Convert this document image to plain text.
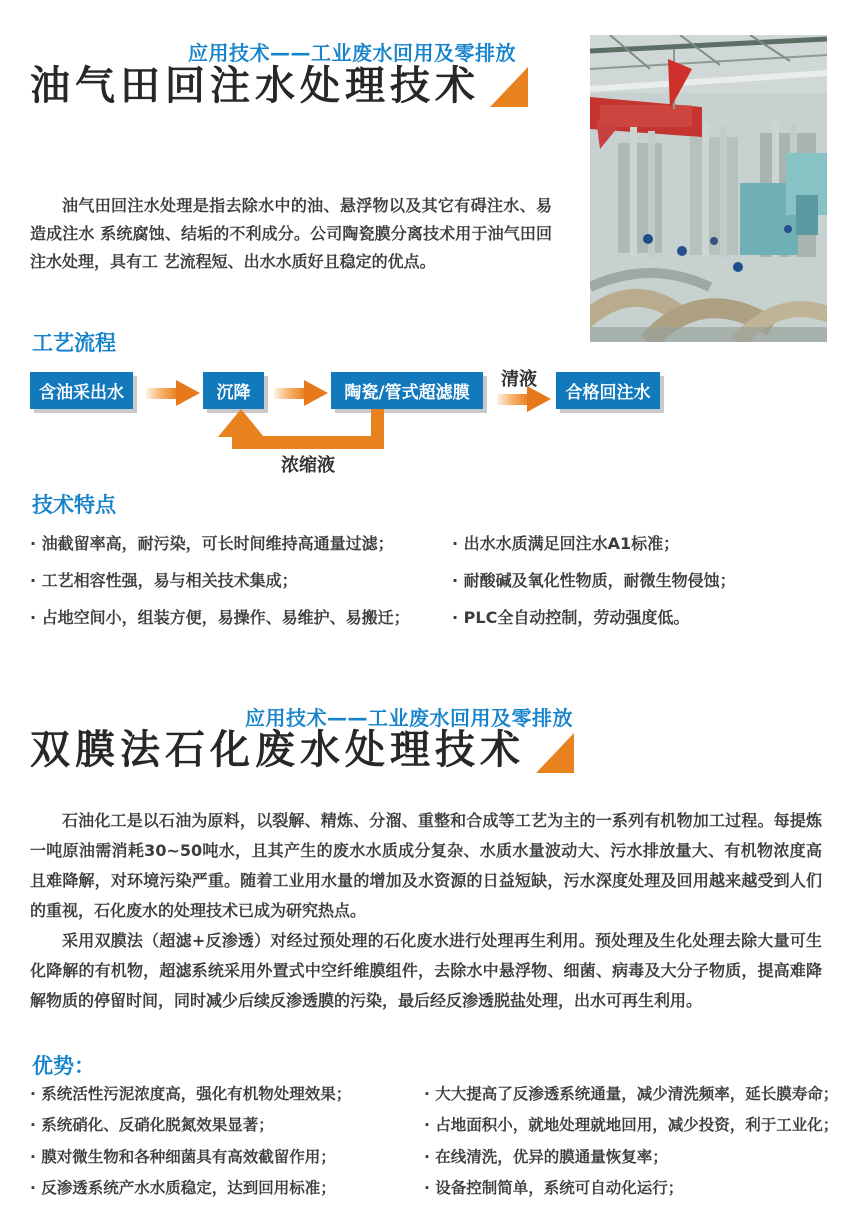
应用技术——工业废水回用及零排放
油气田回注水处理技术
油气田回注水处理是指去除水中的油、悬浮物以及其它有碍注水、易造成注水 系统腐蚀、结垢的不利成分。公司陶瓷膜分离技术用于油气田回注水处理，具有工 艺流程短、出水水质好且稳定的优点。
工艺流程
含油采出水	沉降	陶瓷/管式超滤膜
清液
合格回注水
浓缩液
技术特点
· 油截留率高，耐污染，可长时间维持高通量过滤；
· 工艺相容性强，易与相关技术集成；
· 占地空间小，组装方便，易操作、易维护、易搬迁；
· 出水水质满足回注水A1标准；
· 耐酸碱及氧化性物质，耐微生物侵蚀；
· PLC全自动控制，劳动强度低。
应用技术——工业废水回用及零排放
双膜法石化废水处理技术
石油化工是以石油为原料，以裂解、精炼、分溜、重整和合成等工艺为主的一系列有机物加工过程。每提炼一吨原油需消耗30~50吨水，且其产生的废水水质成分复杂、水质水量波动大、污水排放量大、有机物浓度高且难降解，对环境污染严重。随着工业用水量的增加及水资源的日益短缺，污水深度处理及回用越来越受到人们的重视，石化废水的处理技术已成为研究热点。
采用双膜法（超滤+反渗透）对经过预处理的石化废水进行处理再生利用。预处理及生化处理去除大量可生化降解的有机物，超滤系统采用外置式中空纤维膜组件，去除水中悬浮物、细菌、病毒及大分子物质，提高难降解物质的停留时间，同时减少后续反渗透膜的污染，最后经反渗透脱盐处理，出水可再生利用。
优势：
· 系统活性污泥浓度高，强化有机物处理效果；
· 系统硝化、反硝化脱氮效果显著；
· 膜对微生物和各种细菌具有高效截留作用；
· 反渗透系统产水水质稳定，达到回用标准；
· 大大提高了反渗透系统通量，减少清洗频率，延长膜寿命；
· 占地面积小，就地处理就地回用，减少投资，利于工业化；
· 在线清洗，优异的膜通量恢复率；
· 设备控制简单，系统可自动化运行；
